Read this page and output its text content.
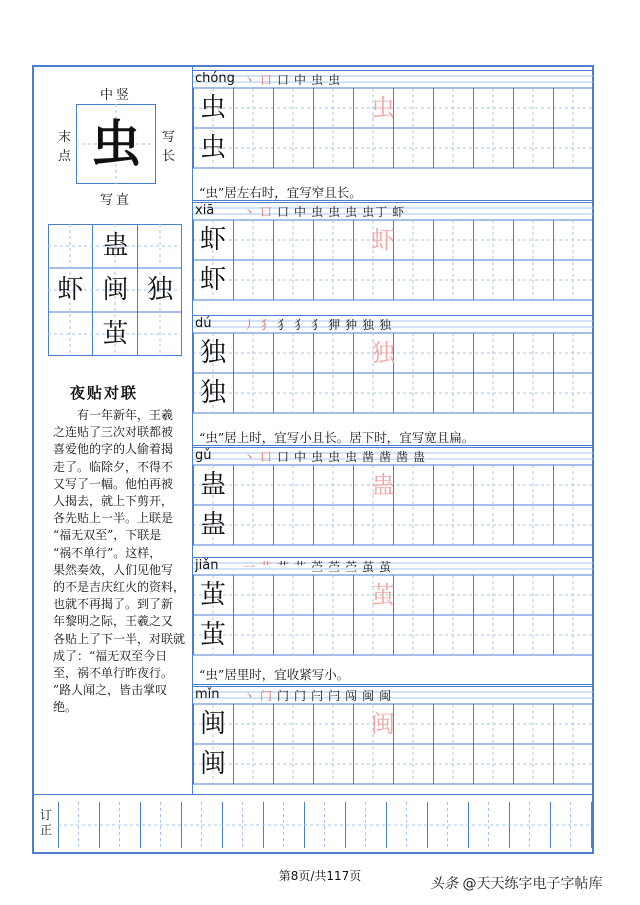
中竖
末
点
写
长
写直
虫
蛊
虾 闽 独
茧
夜贴对联
　　有一年新年，王羲
之连贴了三次对联都被
喜爱他的字的人偷着揭
走了。临除夕，不得不
又写了一幅。他怕再被
人揭去，就上下剪开，
各先贴上一半。上联是
“福无双至”，下联是
“祸不单行”。这样，
果然奏效，人们见他写
的不是吉庆红火的资料，
也就不再揭了。到了新
年黎明之际，王羲之又
各贴上了下一半，对联就
成了：“福无双至今日
至，祸不单行昨夜行。
”路人闻之，皆击掌叹
绝。
chóng 丶 口 口 中 虫 虫
虫
虫
虫
“虫”居左右时，宜写窄且长。
xiā 丶 口 口 中 虫 虫 虫 虫丁 虾
虾
虾
虾
dú	丿 犭 犭 犭 犭 狎 狆 独 独
独
独
独
“虫”居上时，宜写小且长。居下时，宜写宽且扁。
gǔ	丶 口 口 中 虫 虫 虫 凿 凿 凿 蛊
蛊
蛊
蛊
jiǎn 一 艹 艹 艹 苎 苎 苎 茧 茧
茧
茧
茧
“虫”居里时，宜收紧写小。
mǐn 丶 门 门 门 闩 闩 闯 闽 闽
闽
闽
闽
订
正
第8页/共117页	头条 @天天练字电子字帖库
